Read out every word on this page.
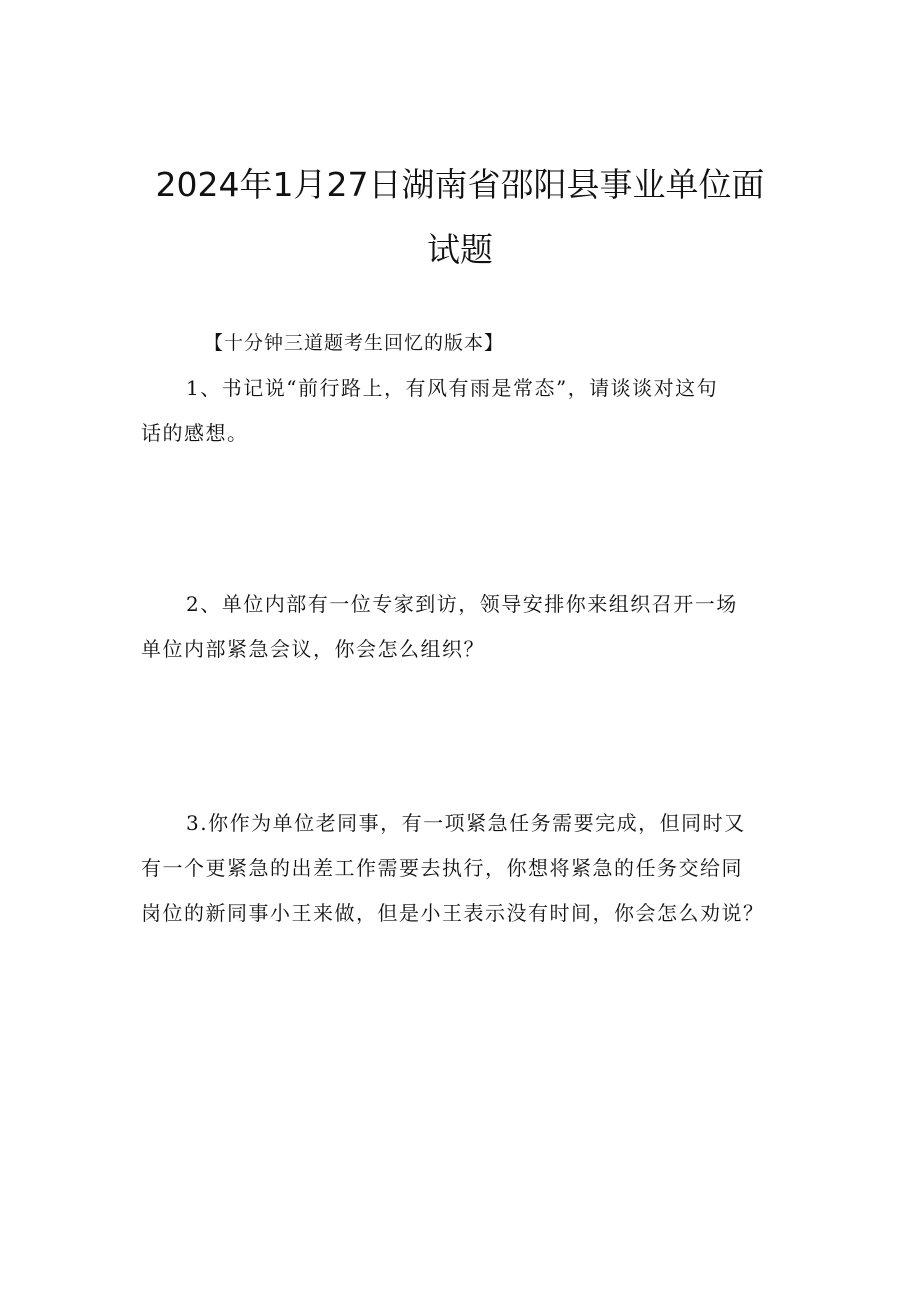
2024年1月27日湖南省邵阳县事业单位面
试题
【十分钟三道题考生回忆的版本】
1、书记说“前行路上，有风有雨是常态”，请谈谈对这句
话的感想。
2、单位内部有一位专家到访，领导安排你来组织召开一场
单位内部紧急会议，你会怎么组织？
3.你作为单位老同事，有一项紧急任务需要完成，但同时又
有一个更紧急的出差工作需要去执行，你想将紧急的任务交给同
岗位的新同事小王来做，但是小王表示没有时间，你会怎么劝说？
